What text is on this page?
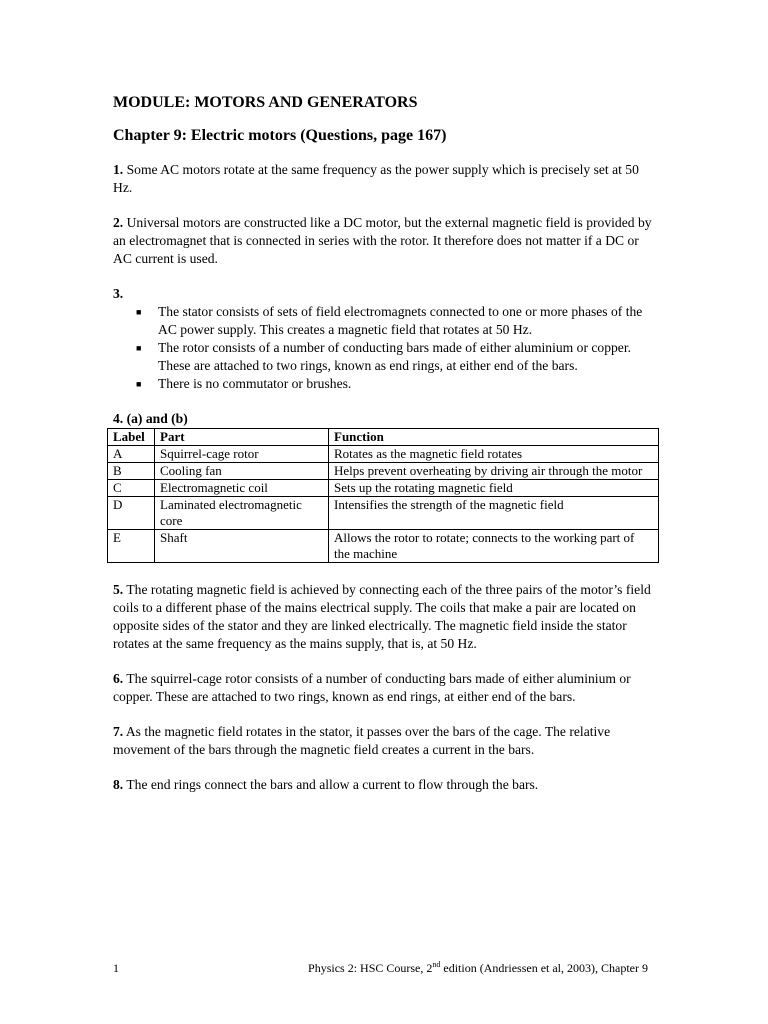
MODULE: MOTORS AND GENERATORS
Chapter 9: Electric motors (Questions, page 167)

1. Some AC motors rotate at the same frequency as the power supply which is precisely set at 50 Hz.

2. Universal motors are constructed like a DC motor, but the external magnetic field is provided by an electromagnet that is connected in series with the rotor. It therefore does not matter if a DC or AC current is used.

3.

■ The stator consists of sets of field electromagnets connected to one or more phases of the AC power supply. This creates a magnetic field that rotates at 50 Hz.
■ The rotor consists of a number of conducting bars made of either aluminium or copper. These are attached to two rings, known as end rings, at either end of the bars.
■ There is no commutator or brushes.

4. (a) and (b)

Label	Part	Function
A	Squirrel-cage rotor	Rotates as the magnetic field rotates
B	Cooling fan	Helps prevent overheating by driving air through the motor
C	Electromagnetic coil	Sets up the rotating magnetic field
D	Laminated electromagnetic core	Intensifies the strength of the magnetic field
E	Shaft	Allows the rotor to rotate; connects to the working part of the machine

5. The rotating magnetic field is achieved by connecting each of the three pairs of the motor’s field coils to a different phase of the mains electrical supply. The coils that make a pair are located on opposite sides of the stator and they are linked electrically. The magnetic field inside the stator rotates at the same frequency as the mains supply, that is, at 50 Hz.

6. The squirrel-cage rotor consists of a number of conducting bars made of either aluminium or copper. These are attached to two rings, known as end rings, at either end of the bars.

7. As the magnetic field rotates in the stator, it passes over the bars of the cage. The relative movement of the bars through the magnetic field creates a current in the bars.

8. The end rings connect the bars and allow a current to flow through the bars.

1	Physics 2: HSC Course, 2nd edition (Andriessen et al, 2003), Chapter 9
